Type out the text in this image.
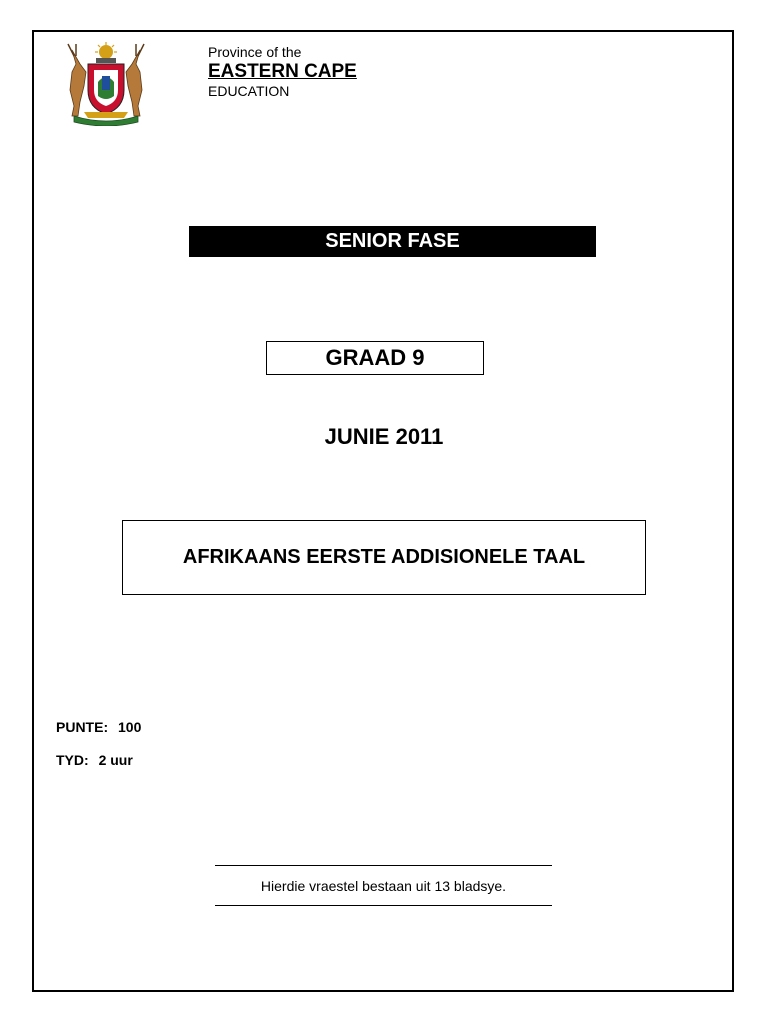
Province of the
EASTERN CAPE
EDUCATION
SENIOR FASE
GRAAD 9
JUNIE 2011
AFRIKAANS EERSTE ADDISIONELE TAAL
PUNTE: 100
TYD: 2 uur
Hierdie vraestel bestaan uit 13 bladsye.
